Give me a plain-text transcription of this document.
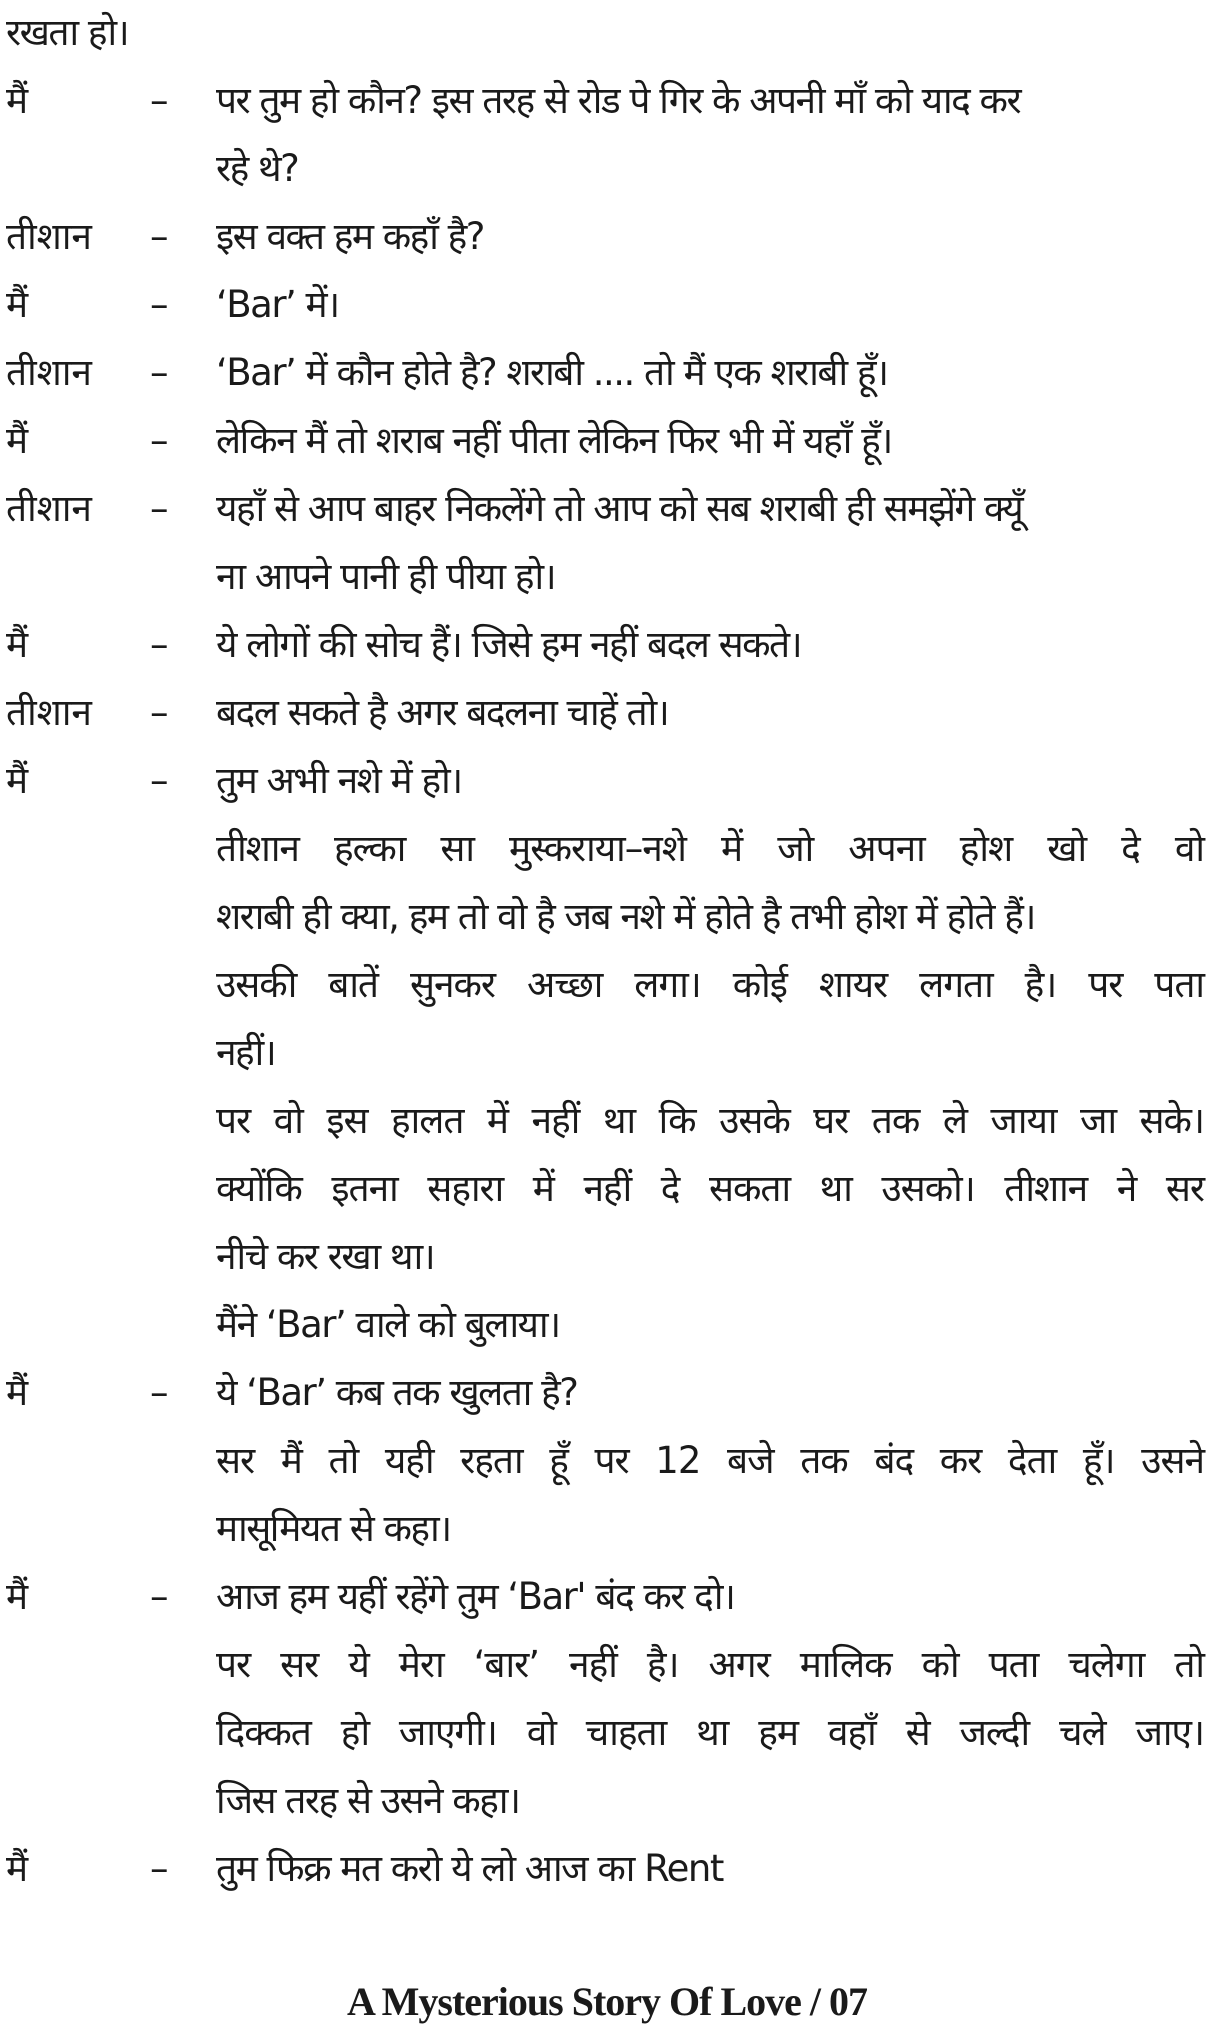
रखता हो।
मैं	– पर तुम हो कौन? इस तरह से रोड पे गिर के अपनी माँ को याद कर
रहे थे?
तीशान – इस वक्त हम कहाँ है?
मैं	– ‘Bar’ में।
तीशान – ‘Bar’ में कौन होते है? शराबी .... तो मैं एक शराबी हूँ।
मैं	– लेकिन मैं तो शराब नहीं पीता लेकिन फिर भी में यहाँ हूँ।
तीशान – यहाँ से आप बाहर निकलेंगे तो आप को सब शराबी ही समझेंगे क्यूँ
ना आपने पानी ही पीया हो।
मैं	– ये लोगों की सोच हैं। जिसे हम नहीं बदल सकते।
तीशान – बदल सकते है अगर बदलना चाहें तो।
मैं	– तुम अभी नशे में हो।
तीशान हल्का सा मुस्कराया–नशे में जो अपना होश खो दे वो
शराबी ही क्या, हम तो वो है जब नशे में होते है तभी होश में होते हैं।
उसकी बातें सुनकर अच्छा लगा। कोई शायर लगता है। पर पता
नहीं।
पर वो इस हालत में नहीं था कि उसके घर तक ले जाया जा सके।
क्योंकि इतना सहारा में नहीं दे सकता था उसको। तीशान ने सर
नीचे कर रखा था।
मैंने ‘Bar’ वाले को बुलाया।
मैं	– ये ‘Bar’ कब तक खुलता है?
सर मैं तो यही रहता हूँ पर 12 बजे तक बंद कर देता हूँ। उसने
मासूमियत से कहा।
मैं	– आज हम यहीं रहेंगे तुम ‘Bar' बंद कर दो।
पर सर ये मेरा ‘बार’ नहीं है। अगर मालिक को पता चलेगा तो
दिक्कत हो जाएगी। वो चाहता था हम वहाँ से जल्दी चले जाए।
जिस तरह से उसने कहा।
मैं	– तुम फिक्र मत करो ये लो आज का Rent
A Mysterious Story Of Love / 07
